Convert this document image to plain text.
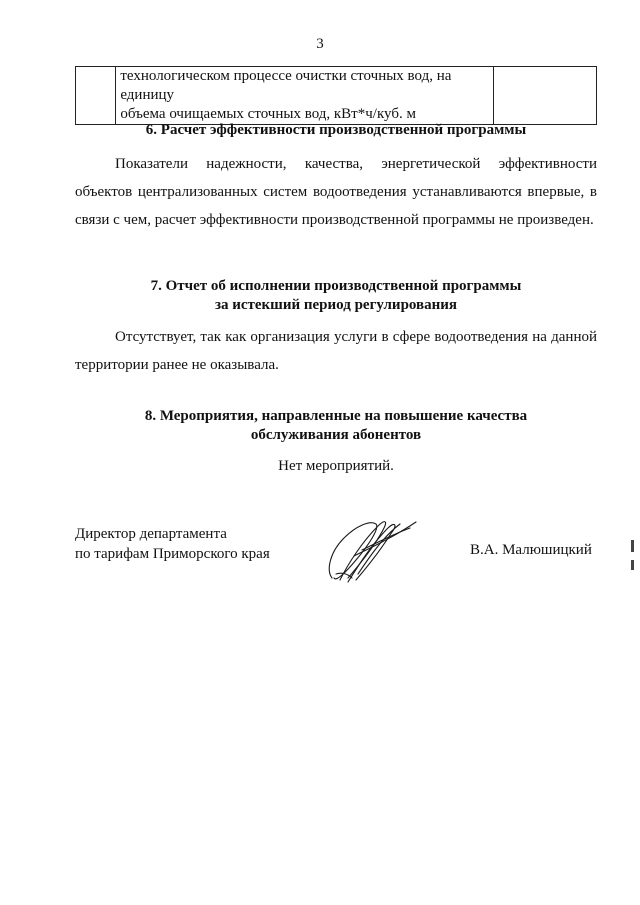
3

технологическом процессе очистки сточных вод, на единицу
объема очищаемых сточных вод, кВт*ч/куб. м

6. Расчет эффективности производственной программы

Показатели надежности, качества, энергетической эффективности объектов централизованных систем водоотведения устанавливаются впервые, в связи с чем, расчет эффективности производственной программы не произведен.

7. Отчет об исполнении производственной программы
за истекший период регулирования

Отсутствует, так как организация услуги в сфере водоотведения на данной территории ранее не оказывала.

8. Мероприятия, направленные на повышение качества
обслуживания абонентов
Нет мероприятий.
Директор департамента
по тарифам Приморского края	В.А. Малюшицкий
